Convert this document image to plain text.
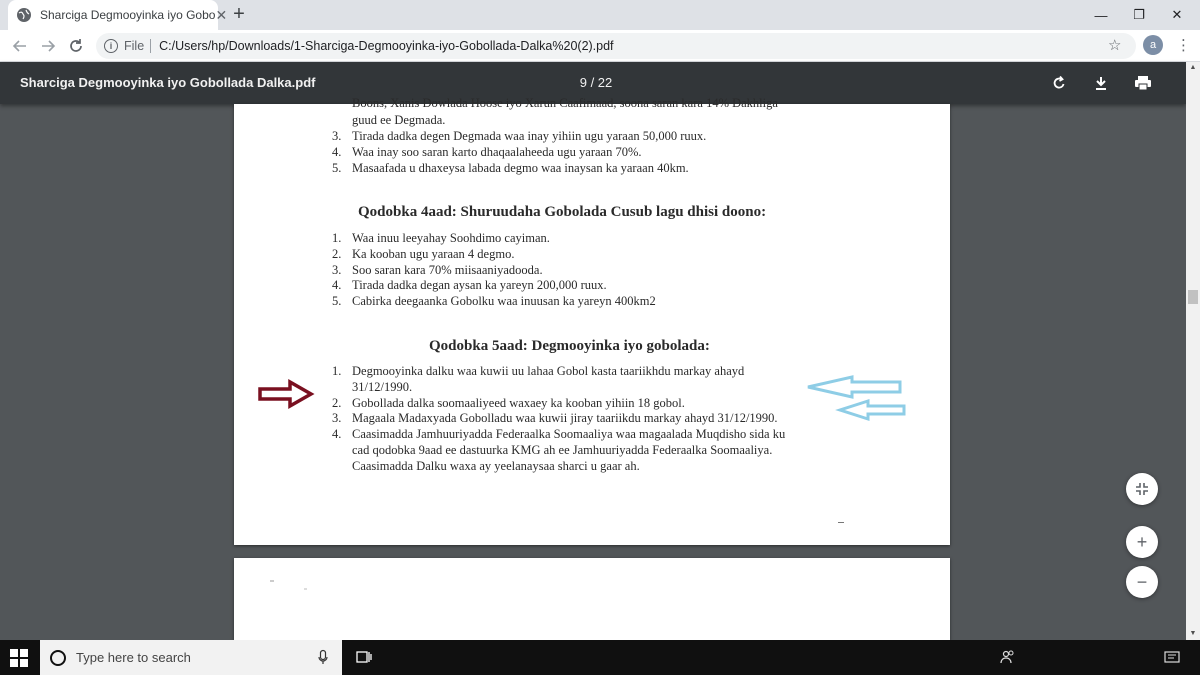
Sharciga Degmooyinka iyo Gobo ✕ +	—	❐	✕
i File C:/Users/hp/Downloads/1-Sharciga-Degmooyinka-iyo-Gobollada-Dalka%20(2).pdf	☆	a	⋮
Sharciga Degmooyinka iyo Gobollada Dalka.pdf	9 / 22
▲
▼
Boons, Xanis Dowlada Hoose iyo Xarun Caafimaad, soona saran kara 14% Dakhliga
guud ee Degmada.
3. Tirada dadka degen Degmada waa inay yihiin ugu yaraan 50,000 ruux.
4. Waa inay soo saran karto dhaqaalaheeda ugu yaraan 70%.
5. Masaafada u dhaxeysa labada degmo waa inaysan ka yaraan 40km.
Qodobka 4aad: Shuruudaha Gobolada Cusub lagu dhisi doono:
1. Waa inuu leeyahay Soohdimo cayiman.
2. Ka kooban ugu yaraan 4 degmo.
3. Soo saran kara 70% miisaaniyadooda.
4. Tirada dadka degan aysan ka yareyn 200,000 ruux.
5. Cabirka deegaanka Gobolku waa inuusan ka yareyn 400km2
Qodobka 5aad: Degmooyinka iyo gobolada:
1. Degmooyinka dalku waa kuwii uu lahaa Gobol kasta taariikhdu markay ahayd
31/12/1990.
2. Gobollada dalka soomaaliyeed waxaey ka kooban yihiin 18 gobol.
3. Magaala Madaxyada Gobolladu waa kuwii jiray taariikdu markay ahayd 31/12/1990.
4. Caasimadda Jamhuuriyadda Federaalka Soomaaliya waa magaalada Muqdisho sida ku
cad qodobka 9aad ee dastuurka KMG ah ee Jamhuuriyadda Federaalka Soomaaliya.
Caasimadda Dalku waxa ay yeelanaysaa sharci u gaar ah.
+
−
Type here to search
